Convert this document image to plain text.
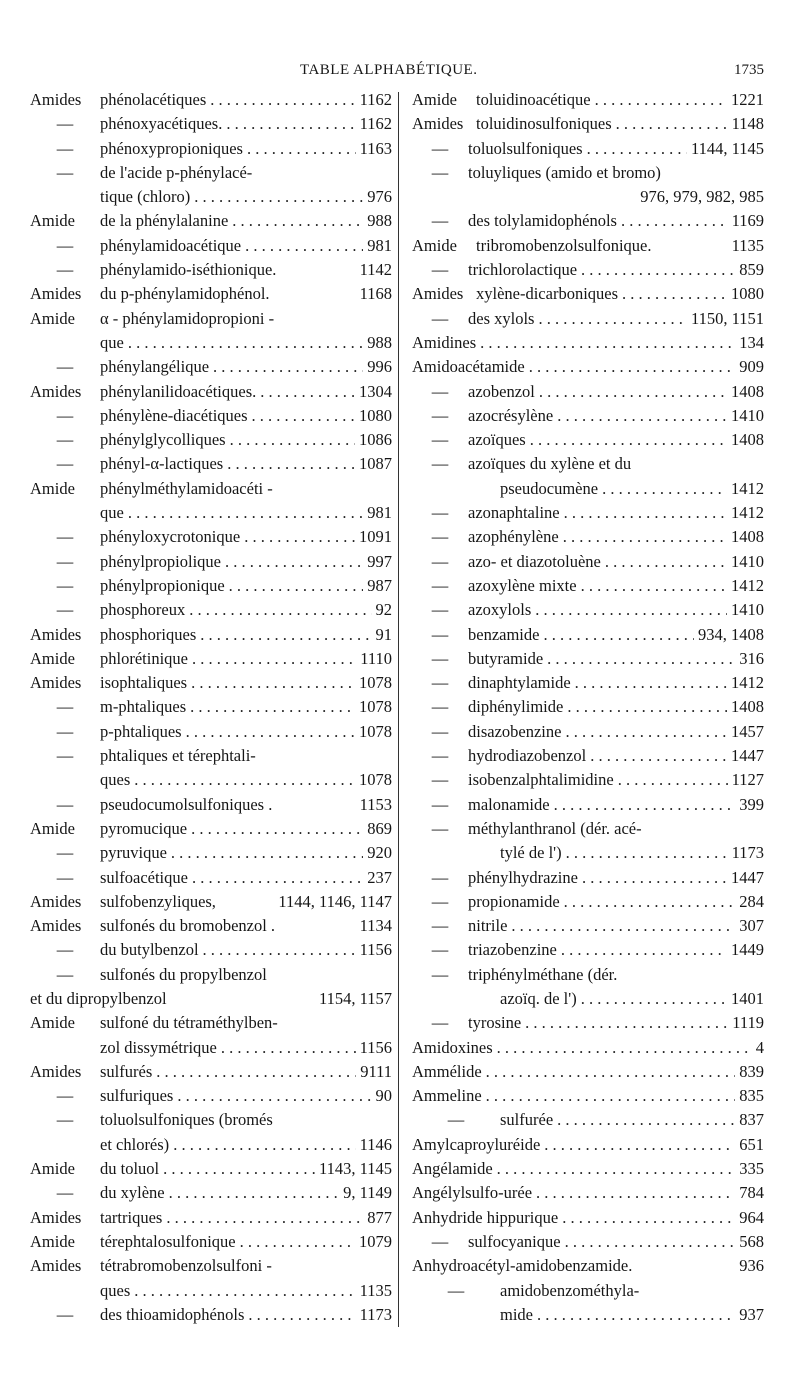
TABLE ALPHABÉTIQUE.	1735
Amides	phénolacétiques . . .	1162
—	phénoxyacétiques. . . .	1162
—	phénoxypropioniques . . .	1163
—	de l'acide p-phénylacé-
tique (chloro) . . .	976
Amide	de la phénylalanine . . .	988
—	phénylamidoacétique . . .	981
—	phénylamido-iséthionique.	1142
Amides	du p-phénylamidophénol.	1168
Amide	α - phénylamidopropioni -
que . . .	988
—	phénylangélique . . .	996
Amides	phénylanilidoacétiques. . . .	1304
—	phénylène-diacétiques . . .	1080
—	phénylglycolliques . . .	1086
—	phényl-α-lactiques . . .	1087
Amide	phénylméthylamidoacéti -
que . . .	981
—	phényloxycrotonique . . .	1091
—	phénylpropiolique . . .	997
—	phénylpropionique . . .	987
—	phosphoreux . . .	92
Amides	phosphoriques . . .	91
Amide	phlorétinique . . .	1110
Amides	isophtaliques . . .	1078
—	m-phtaliques . . .	1078
—	p-phtaliques . . .	1078
—	phtaliques et térephtali-
ques . . .	1078
—	pseudocumolsulfoniques .	1153
Amide	pyromucique . . .	869
—	pyruvique . . .	920
—	sulfoacétique . . .	237
Amides	sulfobenzyliques,	1144, 1146, 1147
Amides	sulfonés du bromobenzol .	1134
—	du butylbenzol . . .	1156
—	sulfonés du propylbenzol
et du dipropylbenzol	1154, 1157
Amide	sulfoné du tétraméthylben-
zol dissymétrique . . .	1156
Amides	sulfurés . . .	9111
—	sulfuriques . . .	90
—	toluolsulfoniques (bromés
et chlorés) . . .	1146
Amide	du toluol . . .	1143, 1145
—	du xylène . . .	9, 1149
Amides	tartriques . . .	877
Amide	térephtalosulfonique . . .	1079
Amides	tétrabromobenzolsulfoni -
ques . . .	1135
—	des thioamidophénols . . .	1173
Amide	toluidinoacétique . . .	1221
Amides toluidinosulfoniques . . .	1148
—	toluolsulfoniques . . .	1144, 1145
—	toluyliques (amido et bromo)
976, 979, 982, 985
—	des tolylamidophénols . . .	1169
Amide	tribromobenzolsulfonique.	1135
—	trichlorolactique . . .	859
Amides xylène-dicarboniques . . .	1080
—	des xylols . . .	1150, 1151
Amidines . . .	134
Amidoacétamide . . .	909
—	azobenzol . . .	1408
—	azocrésylène . . .	1410
—	azoïques . . .	1408
—	azoïques du xylène et du
pseudocumène . . .	1412
—	azonaphtaline . . .	1412
—	azophénylène . . .	1408
—	azo- et diazotoluène . . .	1410
—	azoxylène mixte . . .	1412
—	azoxylols . . .	1410
—	benzamide . . .	934, 1408
—	butyramide . . .	316
—	dinaphtylamide . . .	1412
—	diphénylimide . . .	1408
—	disazobenzine . . .	1457
—	hydrodiazobenzol . . .	1447
—	isobenzalphtalimidine . . .	1127
—	malonamide . . .	399
—	méthylanthranol (dér. acé-
tylé de l') . . .	1173
—	phénylhydrazine . . .	1447
—	propionamide . . .	284
—	nitrile . . .	307
—	triazobenzine . . .	1449
—	triphénylméthane (dér.
azoïq. de l') . . .	1401
—	tyrosine . . .	1119
Amidoxines . . .	4
Ammélide . . .	839
Ammeline . . .	835
—	sulfurée . . .	837
Amylcaproyluréide . . .	651
Angélamide . . .	335
Angélylsulfo-urée . . .	784
Anhydride hippurique . . .	964
—	sulfocyanique . . .	568
Anhydroacétyl-amidobenzamide.	936
—	amidobenzométhyla-
mide . . .	937
